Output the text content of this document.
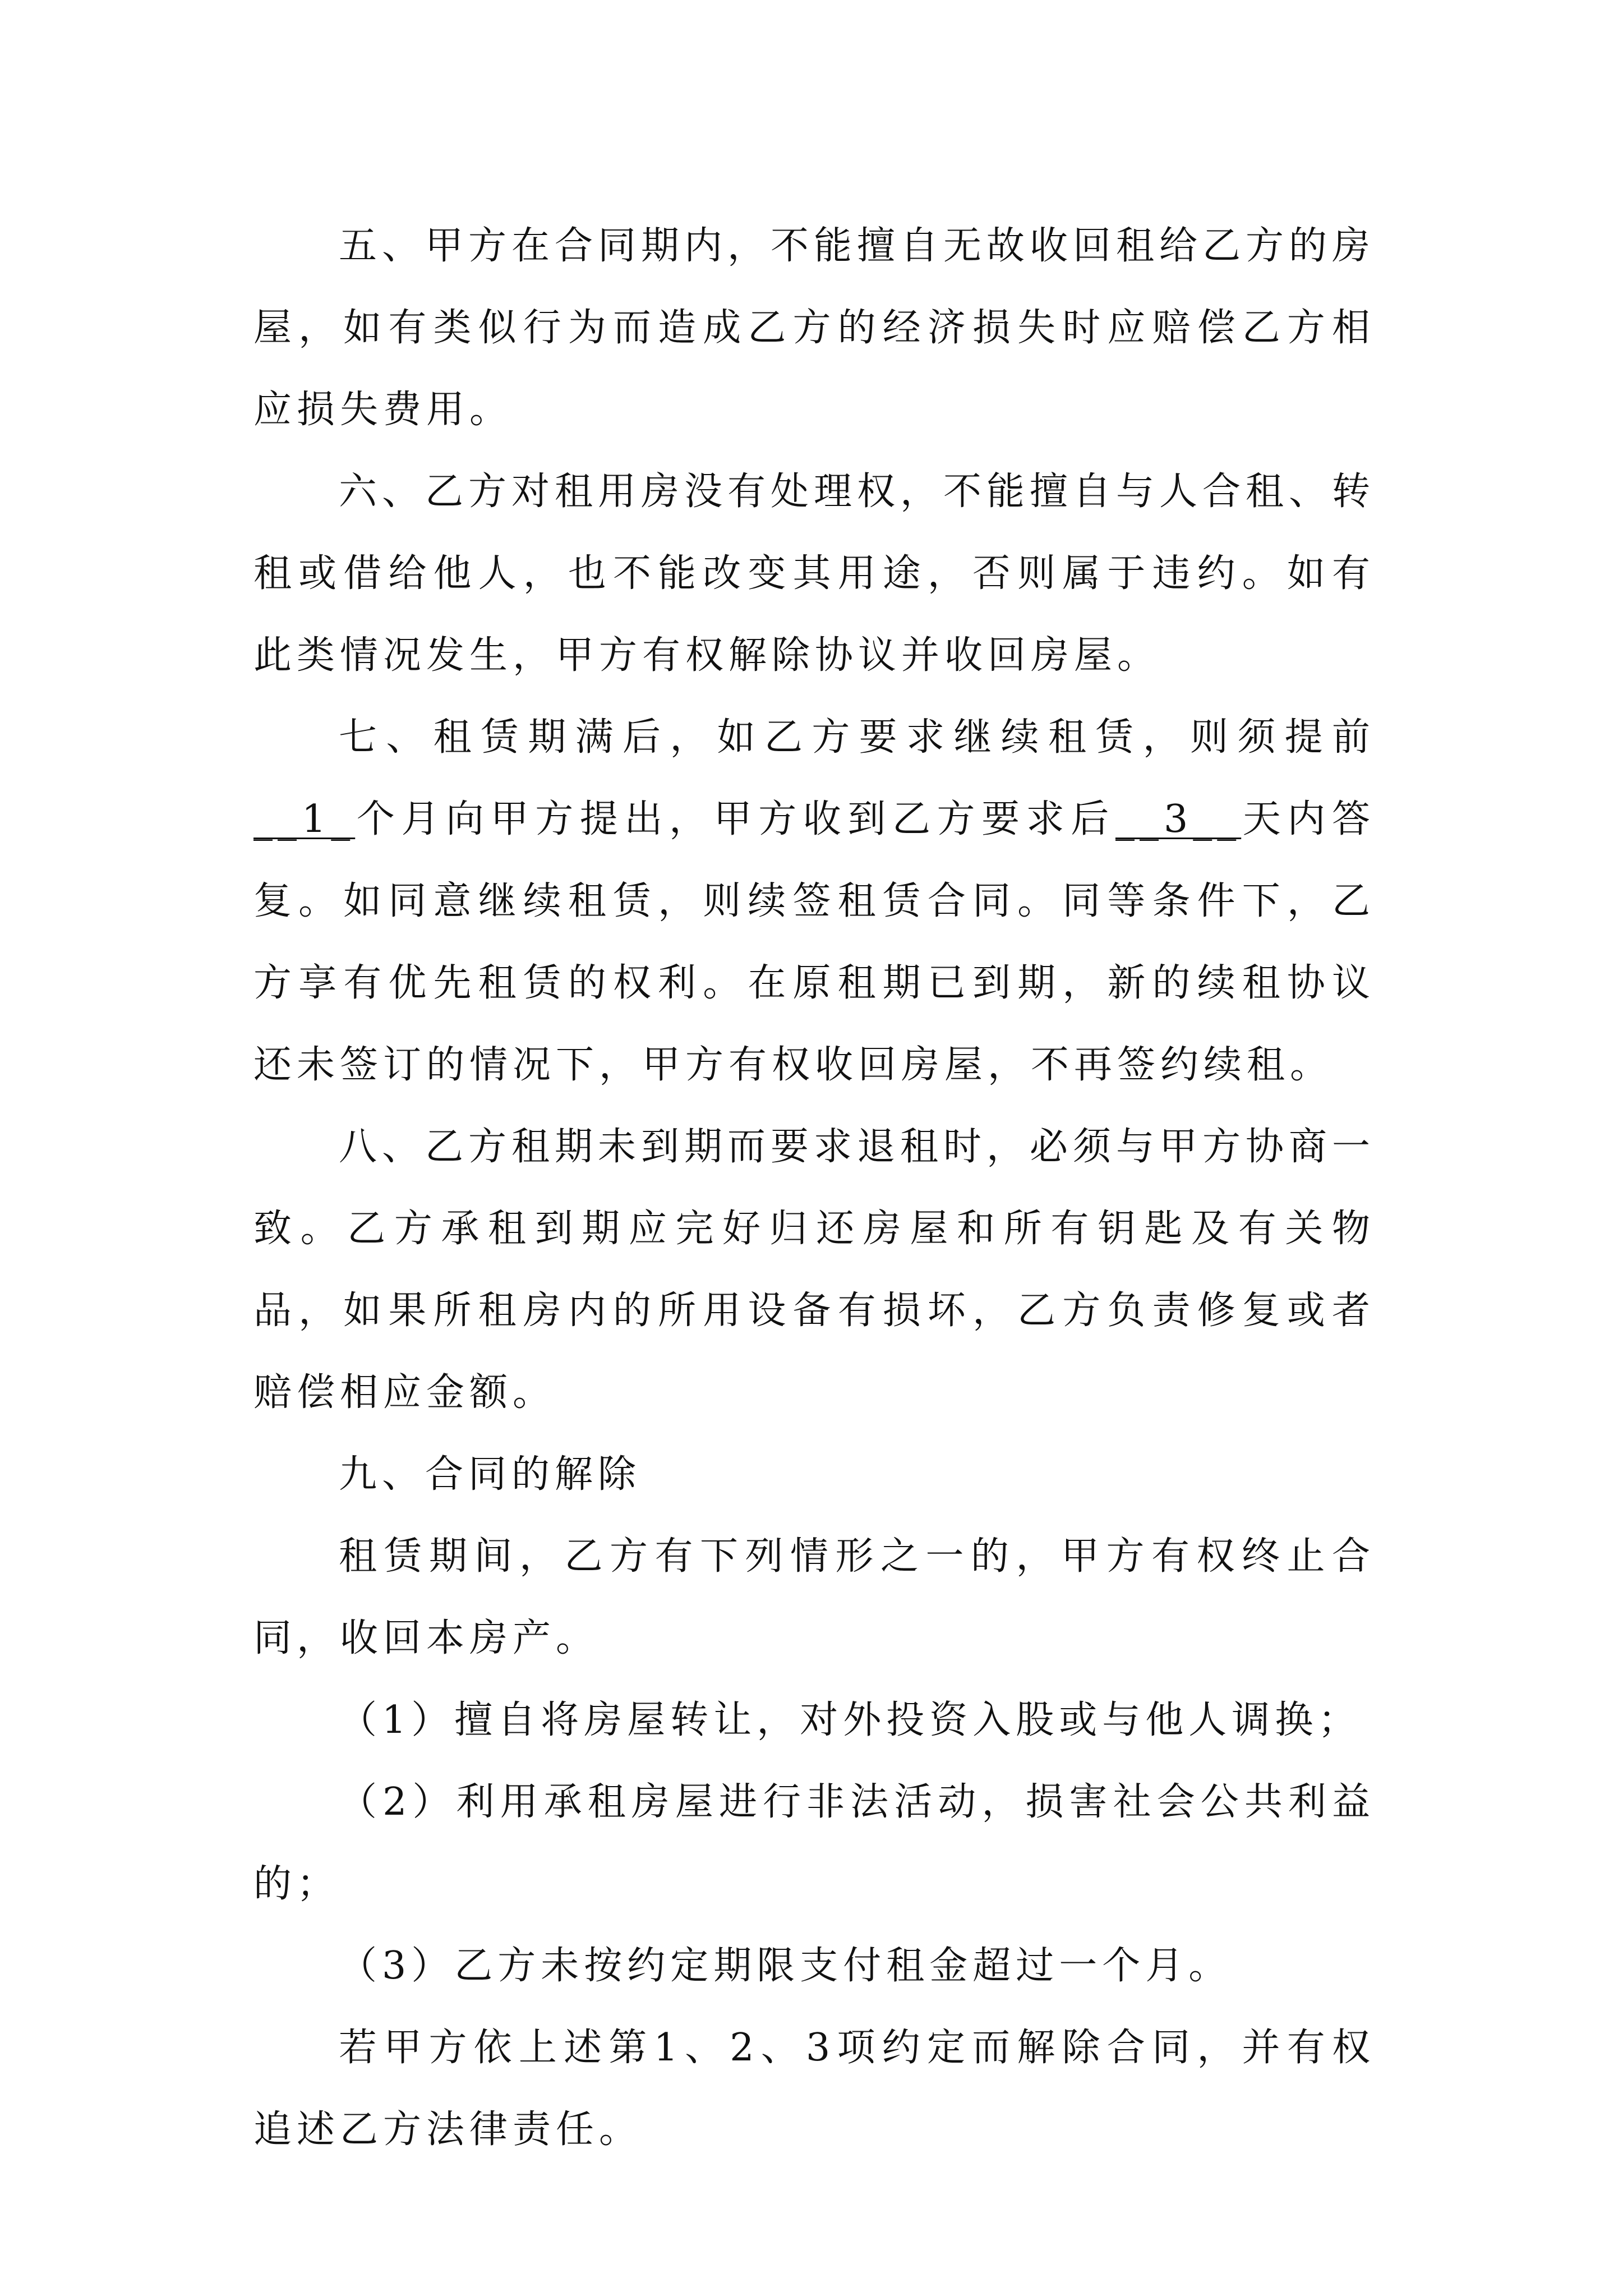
五、甲方在合同期内，不能擅自无故收回租给乙方的房屋，如有类似行为而造成乙方的经济损失时应赔偿乙方相应损失费用。

六、乙方对租用房没有处理权，不能擅自与人合租、转租或借给他人，也不能改变其用途，否则属于违约。如有此类情况发生，甲方有权解除协议并收回房屋。

七、租赁期满后，如乙方要求继续租赁，则须提前__1_个月向甲方提出，甲方收到乙方要求后__3__天内答复。如同意继续租赁，则续签租赁合同。同等条件下，乙方享有优先租赁的权利。在原租期已到期，新的续租协议还未签订的情况下，甲方有权收回房屋，不再签约续租。

八、乙方租期未到期而要求退租时，必须与甲方协商一致。乙方承租到期应完好归还房屋和所有钥匙及有关物品，如果所租房内的所用设备有损坏，乙方负责修复或者赔偿相应金额。

九、合同的解除

租赁期间，乙方有下列情形之一的，甲方有权终止合同，收回本房产。

（1）擅自将房屋转让，对外投资入股或与他人调换；

（2）利用承租房屋进行非法活动，损害社会公共利益的；

（3）乙方未按约定期限支付租金超过一个月。

若甲方依上述第1、2、3项约定而解除合同，并有权追述乙方法律责任。
